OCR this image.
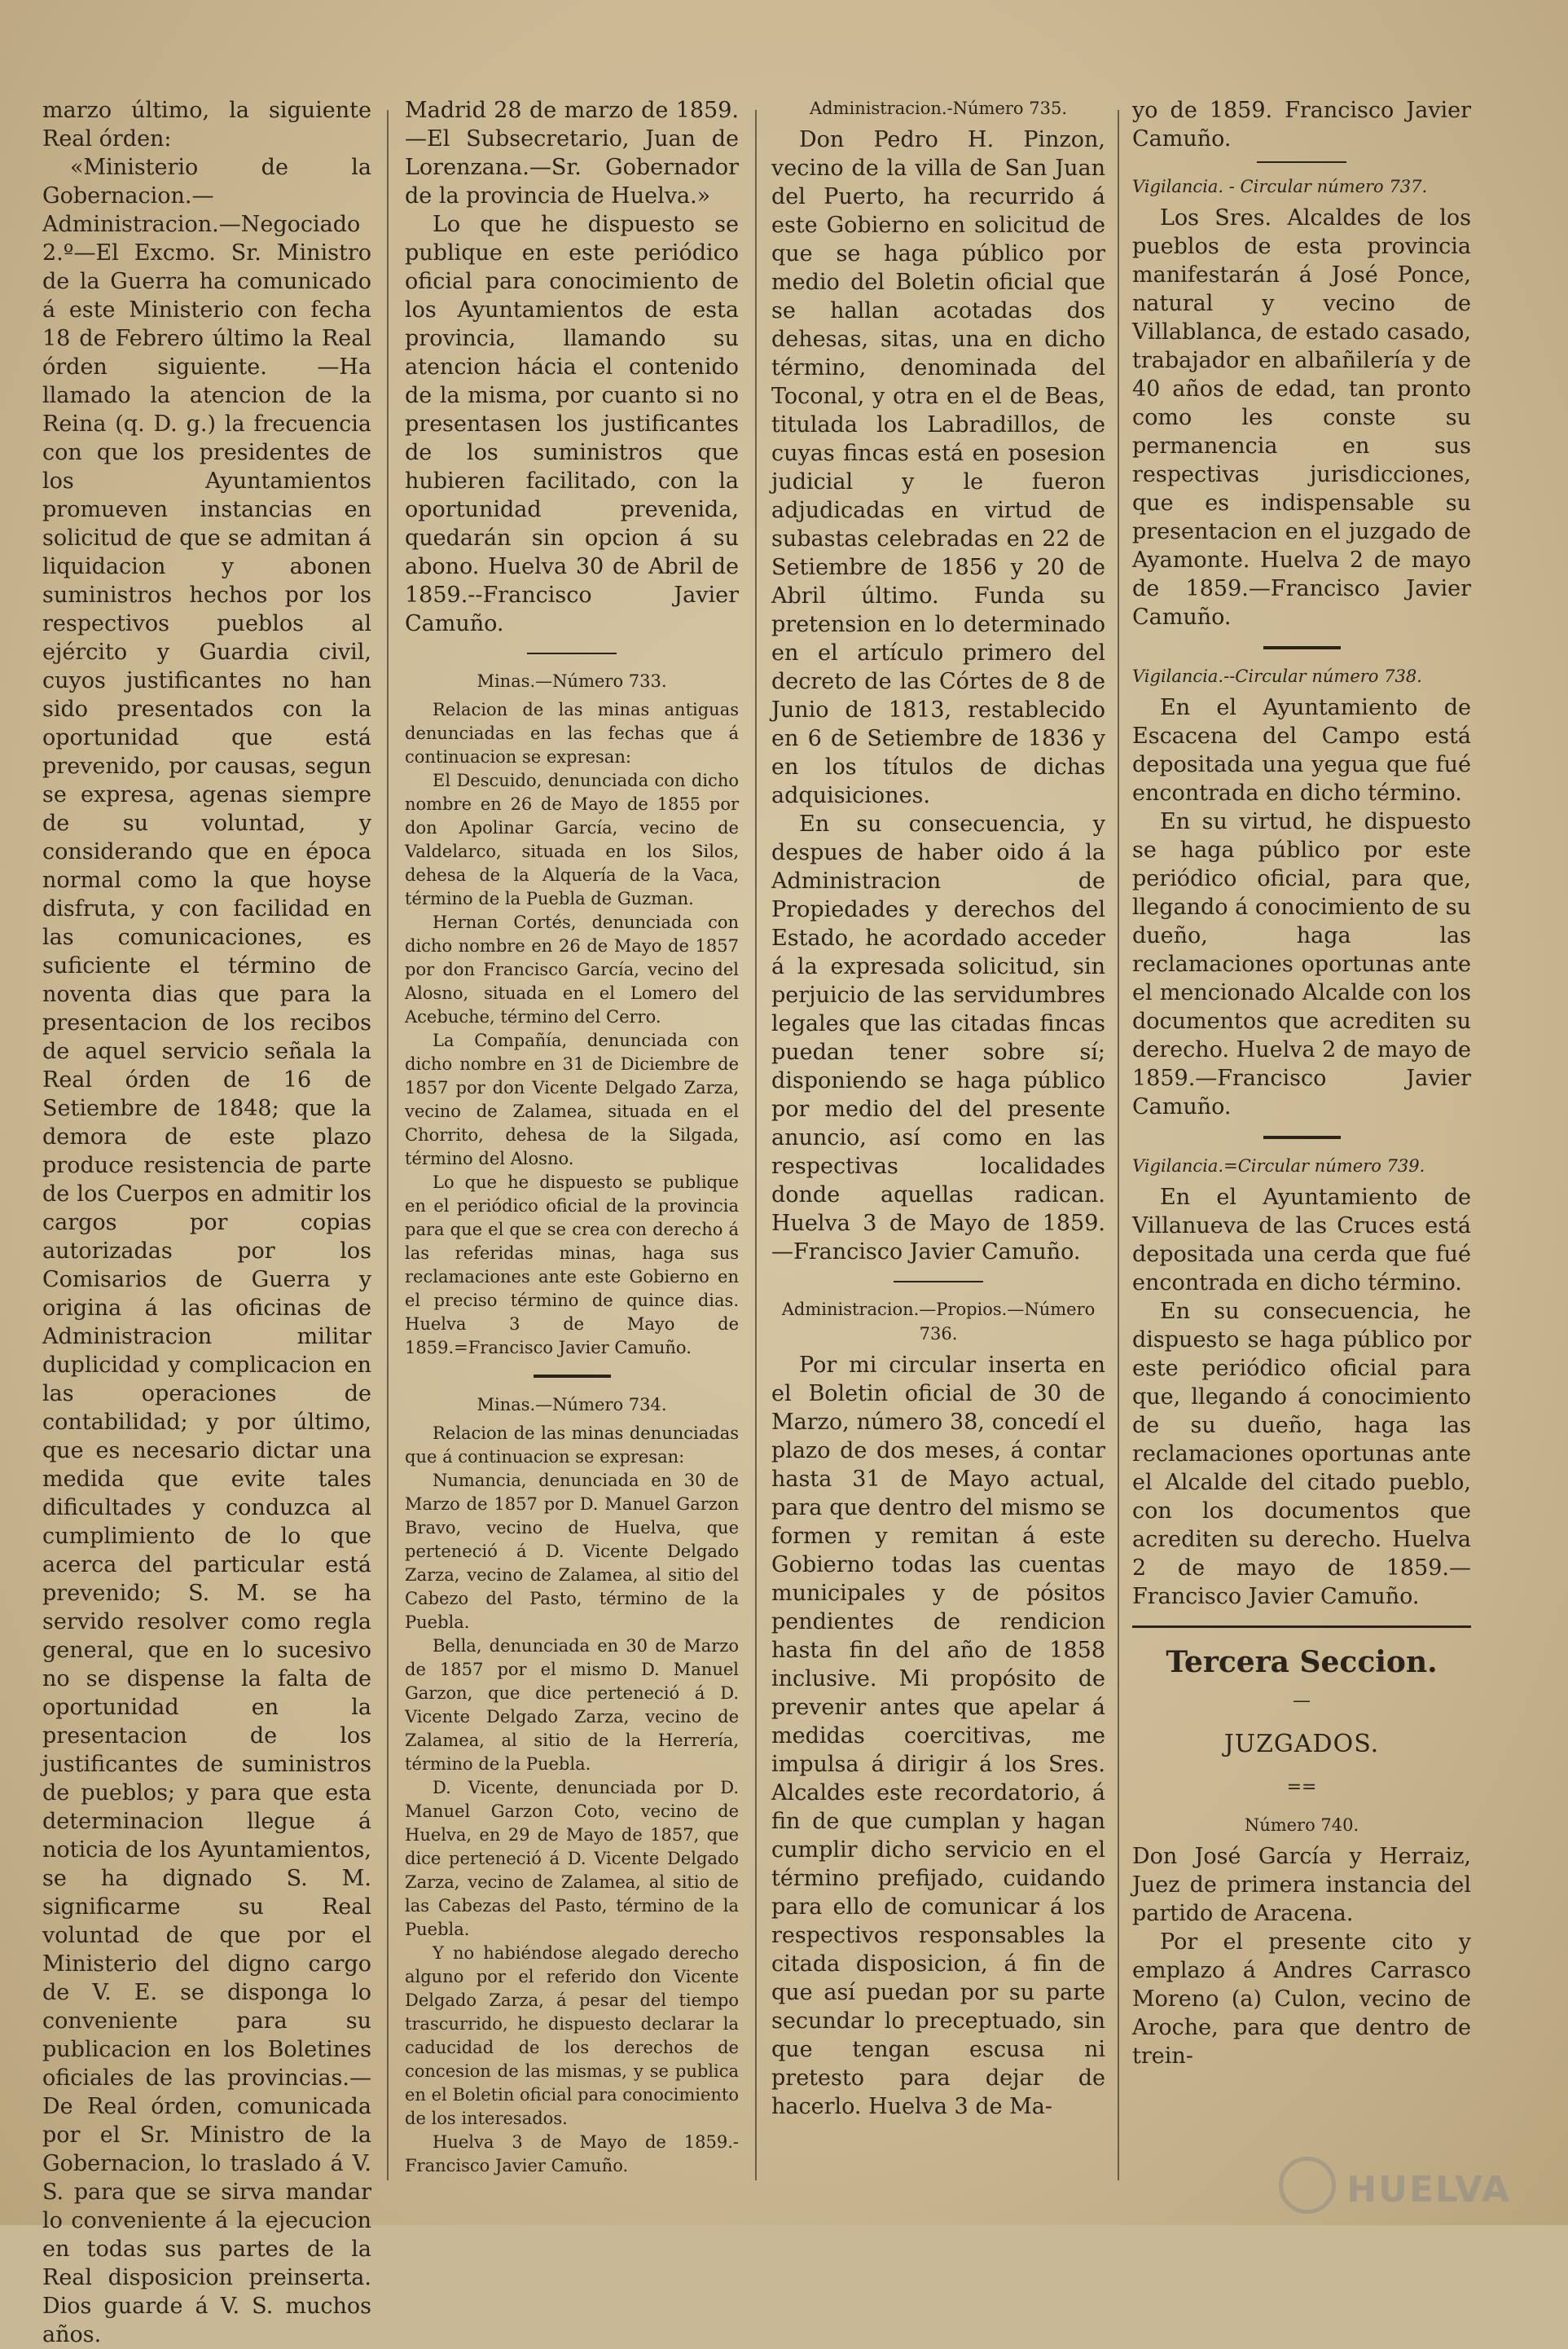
marzo último, la siguiente Real órden:

«Ministerio de la Gobernacion.—Administracion.—Negociado 2.º—El Excmo. Sr. Ministro de la Guerra ha comunicado á este Ministerio con fecha 18 de Febrero último la Real órden siguiente. —Ha llamado la atencion de la Reina (q. D. g.) la frecuencia con que los presidentes de los Ayuntamientos promueven instancias en solicitud de que se admitan á liquidacion y abonen suministros hechos por los respectivos pueblos al ejército y Guardia civil, cuyos justificantes no han sido presentados con la oportunidad que está prevenido, por causas, segun se expresa, agenas siempre de su voluntad, y considerando que en época normal como la que hoyse disfruta, y con facilidad en las comunicaciones, es suficiente el término de noventa dias que para la presentacion de los recibos de aquel servicio señala la Real órden de 16 de Setiembre de 1848; que la demora de este plazo produce resistencia de parte de los Cuerpos en admitir los cargos por copias autorizadas por los Comisarios de Guerra y origina á las oficinas de Administracion militar duplicidad y complicacion en las operaciones de contabilidad; y por último, que es necesario dictar una medida que evite tales dificultades y conduzca al cumplimiento de lo que acerca del particular está prevenido; S. M. se ha servido resolver como regla general, que en lo sucesivo no se dispense la falta de oportunidad en la presentacion de los justificantes de suministros de pueblos; y para que esta determinacion llegue á noticia de los Ayuntamientos, se ha dignado S. M. significarme su Real voluntad de que por el Ministerio del digno cargo de V. E. se disponga lo conveniente para su publicacion en los Boletines oficiales de las provincias.—De Real órden, comunicada por el Sr. Ministro de la Gobernacion, lo traslado á V. S. para que se sirva mandar lo conveniente á la ejecucion en todas sus partes de la Real disposicion preinserta. Dios guarde á V. S. muchos años.

Madrid 28 de marzo de 1859. —El Subsecretario, Juan de Lorenzana.—Sr. Gobernador de la provincia de Huelva.»

Lo que he dispuesto se publique en este periódico oficial para conocimiento de los Ayuntamientos de esta provincia, llamando su atencion hácia el contenido de la misma, por cuanto si no presentasen los justificantes de los suministros que hubieren facilitado, con la oportunidad prevenida, quedarán sin opcion á su abono. Huelva 30 de Abril de 1859.--Francisco Javier Camuño.

Minas.—Número 733.

Relacion de las minas antiguas denunciadas en las fechas que á continuacion se expresan:

El Descuido, denunciada con dicho nombre en 26 de Mayo de 1855 por don Apolinar García, vecino de Valdelarco, situada en los Silos, dehesa de la Alquería de la Vaca, término de la Puebla de Guzman.

Hernan Cortés, denunciada con dicho nombre en 26 de Mayo de 1857 por don Francisco García, vecino del Alosno, situada en el Lomero del Acebuche, término del Cerro.

La Compañía, denunciada con dicho nombre en 31 de Diciembre de 1857 por don Vicente Delgado Zarza, vecino de Zalamea, situada en el Chorrito, dehesa de la Silgada, término del Alosno.

Lo que he dispuesto se publique en el periódico oficial de la provincia para que el que se crea con derecho á las referidas minas, haga sus reclamaciones ante este Gobierno en el preciso término de quince dias. Huelva 3 de Mayo de 1859.=Francisco Javier Camuño.

Minas.—Número 734.

Relacion de las minas denunciadas que á continuacion se expresan:

Numancia, denunciada en 30 de Marzo de 1857 por D. Manuel Garzon Bravo, vecino de Huelva, que perteneció á D. Vicente Delgado Zarza, vecino de Zalamea, al sitio del Cabezo del Pasto, término de la Puebla.

Bella, denunciada en 30 de Marzo de 1857 por el mismo D. Manuel Garzon, que dice perteneció á D. Vicente Delgado Zarza, vecino de Zalamea, al sitio de la Herrería, término de la Puebla.

D. Vicente, denunciada por D. Manuel Garzon Coto, vecino de Huelva, en 29 de Mayo de 1857, que dice perteneció á D. Vicente Delgado Zarza, vecino de Zalamea, al sitio de las Cabezas del Pasto, término de la Puebla.

Y no habiéndose alegado derecho alguno por el referido don Vicente Delgado Zarza, á pesar del tiempo trascurrido, he dispuesto declarar la caducidad de los derechos de concesion de las mismas, y se publica en el Boletin oficial para conocimiento de los interesados.

Huelva 3 de Mayo de 1859.-Francisco Javier Camuño.

Administracion.-Número 735.

Don Pedro H. Pinzon, vecino de la villa de San Juan del Puerto, ha recurrido á este Gobierno en solicitud de que se haga público por medio del Boletin oficial que se hallan acotadas dos dehesas, sitas, una en dicho término, denominada del Toconal, y otra en el de Beas, titulada los Labradillos, de cuyas fincas está en posesion judicial y le fueron adjudicadas en virtud de subastas celebradas en 22 de Setiembre de 1856 y 20 de Abril último. Funda su pretension en lo determinado en el artículo primero del decreto de las Córtes de 8 de Junio de 1813, restablecido en 6 de Setiembre de 1836 y en los títulos de dichas adquisiciones.

En su consecuencia, y despues de haber oido á la Administracion de Propiedades y derechos del Estado, he acordado acceder á la expresada solicitud, sin perjuicio de las servidumbres legales que las citadas fincas puedan tener sobre sí; disponiendo se haga público por medio del del presente anuncio, así como en las respectivas localidades donde aquellas radican. Huelva 3 de Mayo de 1859. —Francisco Javier Camuño.

Administracion.—Propios.—Número 736.

Por mi circular inserta en el Boletin oficial de 30 de Marzo, número 38, concedí el plazo de dos meses, á contar hasta 31 de Mayo actual, para que dentro del mismo se formen y remitan á este Gobierno todas las cuentas municipales y de pósitos pendientes de rendicion hasta fin del año de 1858 inclusive. Mi propósito de prevenir antes que apelar á medidas coercitivas, me impulsa á dirigir á los Sres. Alcaldes este recordatorio, á fin de que cumplan y hagan cumplir dicho servicio en el término prefijado, cuidando para ello de comunicar á los respectivos responsables la citada disposicion, á fin de que así puedan por su parte secundar lo preceptuado, sin que tengan escusa ni pretesto para dejar de hacerlo. Huelva 3 de Ma-

yo de 1859. Francisco Javier Camuño.

Vigilancia. - Circular número 737.

Los Sres. Alcaldes de los pueblos de esta provincia manifestarán á José Ponce, natural y vecino de Villablanca, de estado casado, trabajador en albañilería y de 40 años de edad, tan pronto como les conste su permanencia en sus respectivas jurisdicciones, que es indispensable su presentacion en el juzgado de Ayamonte. Huelva 2 de mayo de 1859.—Francisco Javier Camuño.

Vigilancia.--Circular número 738.

En el Ayuntamiento de Escacena del Campo está depositada una yegua que fué encontrada en dicho término.

En su virtud, he dispuesto se haga público por este periódico oficial, para que, llegando á conocimiento de su dueño, haga las reclamaciones oportunas ante el mencionado Alcalde con los documentos que acrediten su derecho. Huelva 2 de mayo de 1859.—Francisco Javier Camuño.

Vigilancia.=Circular número 739.

En el Ayuntamiento de Villanueva de las Cruces está depositada una cerda que fué encontrada en dicho término.

En su consecuencia, he dispuesto se haga público por este periódico oficial para que, llegando á conocimiento de su dueño, haga las reclamaciones oportunas ante el Alcalde del citado pueblo, con los documentos que acrediten su derecho. Huelva 2 de mayo de 1859.—Francisco Javier Camuño.

Tercera Seccion.
—
JUZGADOS.
==
Número 740.

Don José García y Herraiz, Juez de primera instancia del partido de Aracena.

Por el presente cito y emplazo á Andres Carrasco Moreno (a) Culon, vecino de Aroche, para que dentro de trein-

HUELVA
